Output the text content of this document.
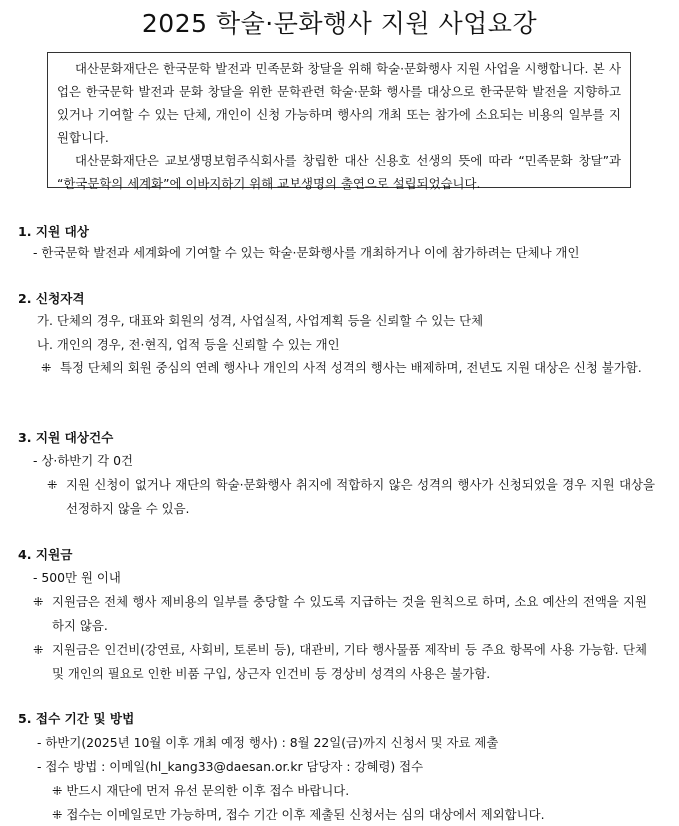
2025 학술·문화행사 지원 사업요강

대산문화재단은 한국문학 발전과 민족문화 창달을 위해 학술·문화행사 지원 사업을 시행합니다. 본 사업은 한국문학 발전과 문화 창달을 위한 문학관련 학술·문화 행사를 대상으로 한국문학 발전을 지향하고 있거나 기여할 수 있는 단체, 개인이 신청 가능하며 행사의 개최 또는 참가에 소요되는 비용의 일부를 지원합니다.

대산문화재단은 교보생명보험주식회사를 창립한 대산 신용호 선생의 뜻에 따라 “민족문화 창달”과 “한국문학의 세계화”에 이바지하기 위해 교보생명의 출연으로 설립되었습니다.

1. 지원 대상
- 한국문학 발전과 세계화에 기여할 수 있는 학술·문화행사를 개최하거나 이에 참가하려는 단체나 개인
2. 신청자격
가. 단체의 경우, 대표와 회원의 성격, 사업실적, 사업계획 등을 신뢰할 수 있는 단체
나. 개인의 경우, 전·현직, 업적 등을 신뢰할 수 있는 개인
⁜ 특정 단체의 회원 중심의 연례 행사나 개인의 사적 성격의 행사는 배제하며, 전년도 지원 대상은 신청 불가함.
3. 지원 대상건수
- 상·하반기 각 0건
⁜ 지원 신청이 없거나 재단의 학술·문화행사 취지에 적합하지 않은 성격의 행사가 신청되었을 경우 지원 대상을 선정하지 않을 수 있음.
4. 지원금
- 500만 원 이내
⁜ 지원금은 전체 행사 제비용의 일부를 충당할 수 있도록 지급하는 것을 원칙으로 하며, 소요 예산의 전액을 지원하지 않음.
⁜ 지원금은 인건비(강연료, 사회비, 토론비 등), 대관비, 기타 행사물품 제작비 등 주요 항목에 사용 가능함. 단체 및 개인의 필요로 인한 비품 구입, 상근자 인건비 등 경상비 성격의 사용은 불가함.
5. 접수 기간 및 방법
- 하반기(2025년 10월 이후 개최 예정 행사) : 8월 22일(금)까지 신청서 및 자료 제출
- 접수 방법 : 이메일(hl_kang33@daesan.or.kr 담당자 : 강혜령) 접수
⁜ 반드시 재단에 먼저 유선 문의한 이후 접수 바랍니다.
⁜ 접수는 이메일로만 가능하며, 접수 기간 이후 제출된 신청서는 심의 대상에서 제외합니다.
